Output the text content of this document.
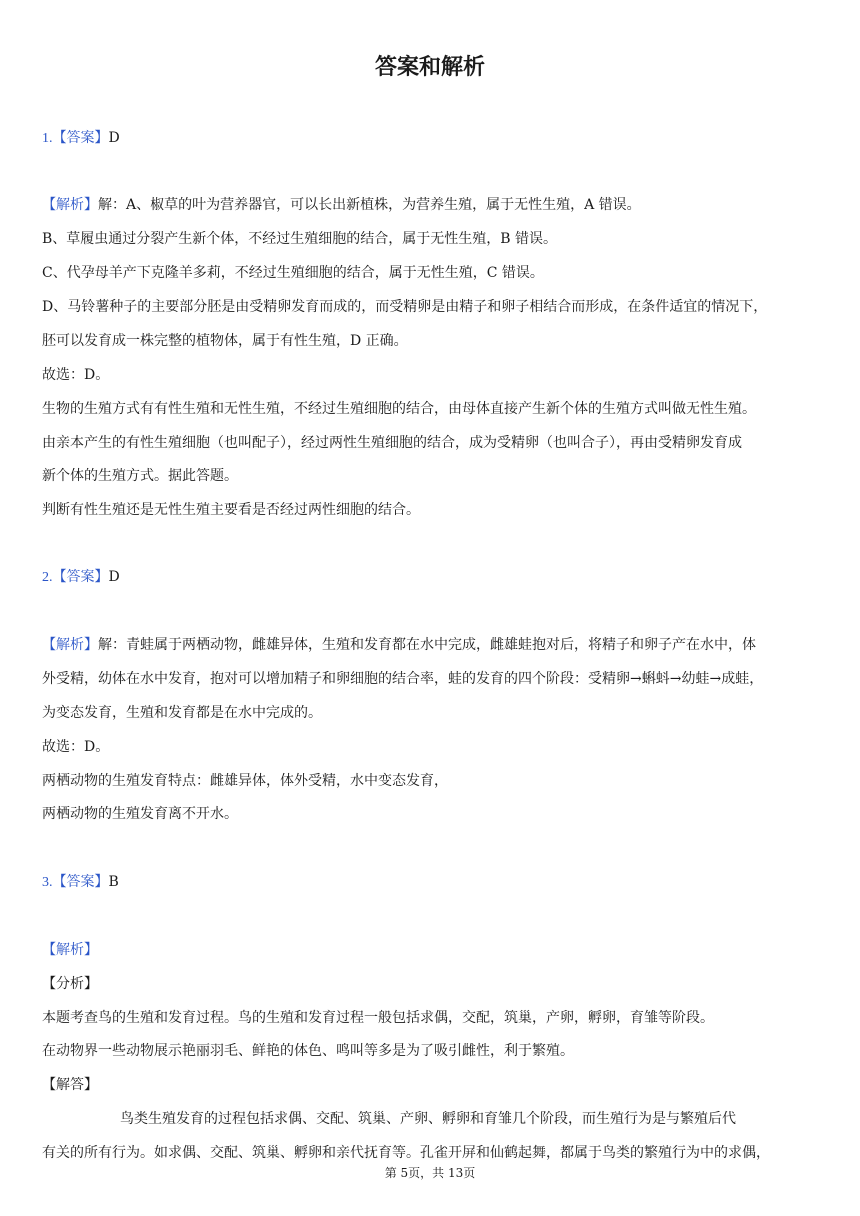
答案和解析
1.【答案】D
【解析】解：A、椒草的叶为营养器官，可以长出新植株，为营养生殖，属于无性生殖，A 错误。
B、草履虫通过分裂产生新个体，不经过生殖细胞的结合，属于无性生殖，B 错误。
C、代孕母羊产下克隆羊多莉，不经过生殖细胞的结合，属于无性生殖，C 错误。
D、马铃薯种子的主要部分胚是由受精卵发育而成的，而受精卵是由精子和卵子相结合而形成，在条件适宜的情况下，
胚可以发育成一株完整的植物体，属于有性生殖，D 正确。
故选：D。
生物的生殖方式有有性生殖和无性生殖，不经过生殖细胞的结合，由母体直接产生新个体的生殖方式叫做无性生殖。
由亲本产生的有性生殖细胞（也叫配子），经过两性生殖细胞的结合，成为受精卵（也叫合子），再由受精卵发育成
新个体的生殖方式。据此答题。
判断有性生殖还是无性生殖主要看是否经过两性细胞的结合。
2.【答案】D
【解析】解：青蛙属于两栖动物，雌雄异体，生殖和发育都在水中完成，雌雄蛙抱对后，将精子和卵子产在水中，体
外受精，幼体在水中发育，抱对可以增加精子和卵细胞的结合率，蛙的发育的四个阶段：受精卵→蝌蚪→幼蛙→成蛙，
为变态发育，生殖和发育都是在水中完成的。
故选：D。
两栖动物的生殖发育特点：雌雄异体，体外受精，水中变态发育，
两栖动物的生殖发育离不开水。
3.【答案】B
【解析】
【分析】
本题考查鸟的生殖和发育过程。鸟的生殖和发育过程一般包括求偶，交配，筑巢，产卵，孵卵，育雏等阶段。
在动物界一些动物展示艳丽羽毛、鲜艳的体色、鸣叫等多是为了吸引雌性，利于繁殖。
【解答】
鸟类生殖发育的过程包括求偶、交配、筑巢、产卵、孵卵和育雏几个阶段，而生殖行为是与繁殖后代
有关的所有行为。如求偶、交配、筑巢、孵卵和亲代抚育等。孔雀开屏和仙鹤起舞，都属于鸟类的繁殖行为中的求偶，
第 5页，共 13页
